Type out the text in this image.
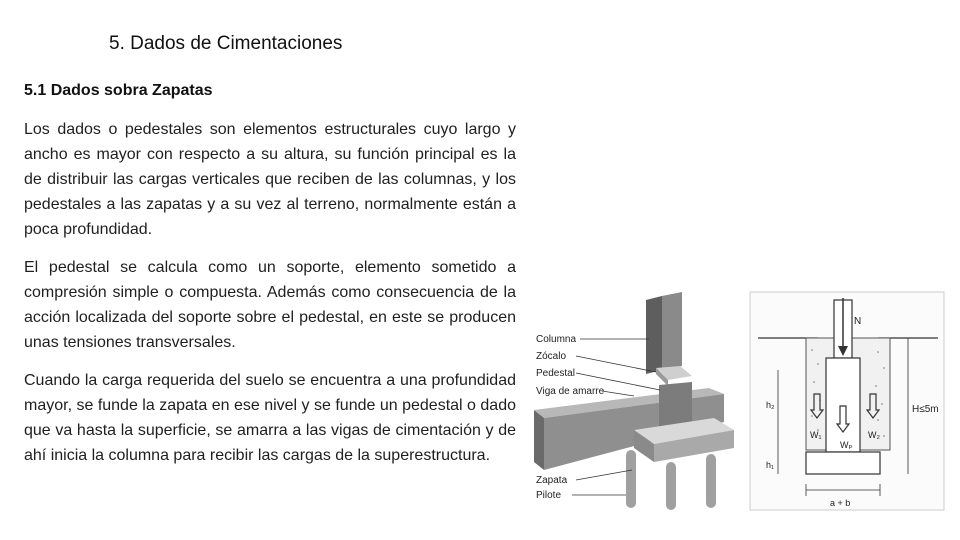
5. Dados de Cimentaciones
5.1 Dados sobra Zapatas

Los dados o pedestales son elementos estructurales cuyo largo y ancho es mayor con respecto a su altura, su función principal es la de distribuir las cargas verticales que reciben de las columnas, y los pedestales a las zapatas y a su vez al terreno, normalmente están a poca profundidad.

El pedestal se calcula como un soporte, elemento sometido a compresión simple o compuesta. Además como consecuencia de la acción localizada del soporte sobre el pedestal, en este se producen unas tensiones transversales.

Cuando la carga requerida del suelo se encuentra a una profundidad mayor, se funde la zapata en ese nivel y se funde un pedestal o dado que va hasta la superficie, se amarra a las vigas de cimentación y de ahí inicia la columna para recibir las cargas de la superestructura.

Columna
Zócalo
Pedestal
Viga de amarre
Zapata
Pilote
N
h₂
h₁
W₁	W₂
Wₚ
H≤5m
a + b
